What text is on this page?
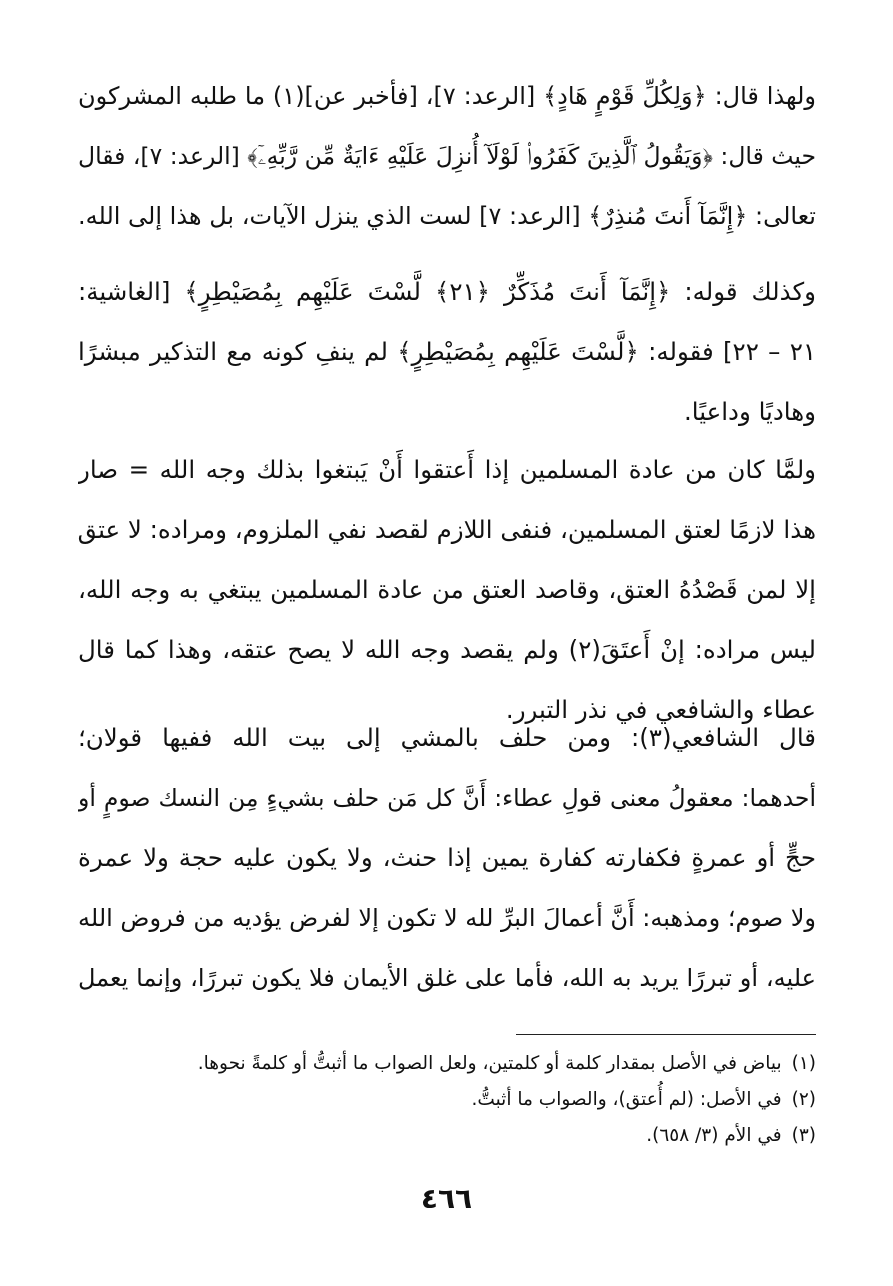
ولهذا قال: ﴿وَلِكُلِّ قَوْمٍ هَادٍ﴾ [الرعد: ٧]، [فأخبر عن](١) ما طلبه المشركون
حيث قال: ﴿وَيَقُولُ ٱلَّذِينَ كَفَرُوا۟ لَوْلَآ أُنزِلَ عَلَيْهِ ءَايَةٌ مِّن رَّبِّهِۦٓ﴾ [الرعد: ٧]، فقال
تعالى: ﴿إِنَّمَآ أَنتَ مُنذِرٌ﴾ [الرعد: ٧] لست الذي ينزل الآيات، بل هذا إلى الله.
وكذلك قوله: ﴿إِنَّمَآ أَنتَ مُذَكِّرٌ ﴿٢١﴾ لَّسْتَ عَلَيْهِم بِمُصَيْطِرٍ﴾ [الغاشية:
٢١ – ٢٢] فقوله: ﴿لَّسْتَ عَلَيْهِم بِمُصَيْطِرٍ﴾ لم ينفِ كونه مع التذكير مبشرًا
وهاديًا وداعيًا.
ولمَّا كان من عادة المسلمين إذا أَعتقوا أَنْ يَبتغوا بذلك وجه الله = صار
هذا لازمًا لعتق المسلمين، فنفى اللازم لقصد نفي الملزوم، ومراده: لا عتق
إلا لمن قَصْدُهُ العتق، وقاصد العتق من عادة المسلمين يبتغي به وجه الله،
ليس مراده: إنْ أَعتَقَ(٢) ولم يقصد وجه الله لا يصح عتقه، وهذا كما قال
عطاء والشافعي في نذر التبرر.
قال الشافعي(٣): ومن حلف بالمشي إلى بيت الله ففيها قولان؛
أحدهما: معقولُ معنى قولِ عطاء: أَنَّ كل مَن حلف بشيءٍ مِن النسك صومٍ أو
حجٍّ أو عمرةٍ فكفارته كفارة يمين إذا حنث، ولا يكون عليه حجة ولا عمرة
ولا صوم؛ ومذهبه: أَنَّ أعمالَ البرِّ لله لا تكون إلا لفرض يؤديه من فروض الله
عليه، أو تبررًا يريد به الله، فأما على غلق الأيمان فلا يكون تبررًا، وإنما يعمل
(١)بياض في الأصل بمقدار كلمة أو كلمتين، ولعل الصواب ما أثبتُّ أو كلمةً نحوها.
(٢)في الأصل: (لم أُعتق)، والصواب ما أثبتُّ.
(٣)في الأم (٣/ ٦٥٨).
٤٦٦
